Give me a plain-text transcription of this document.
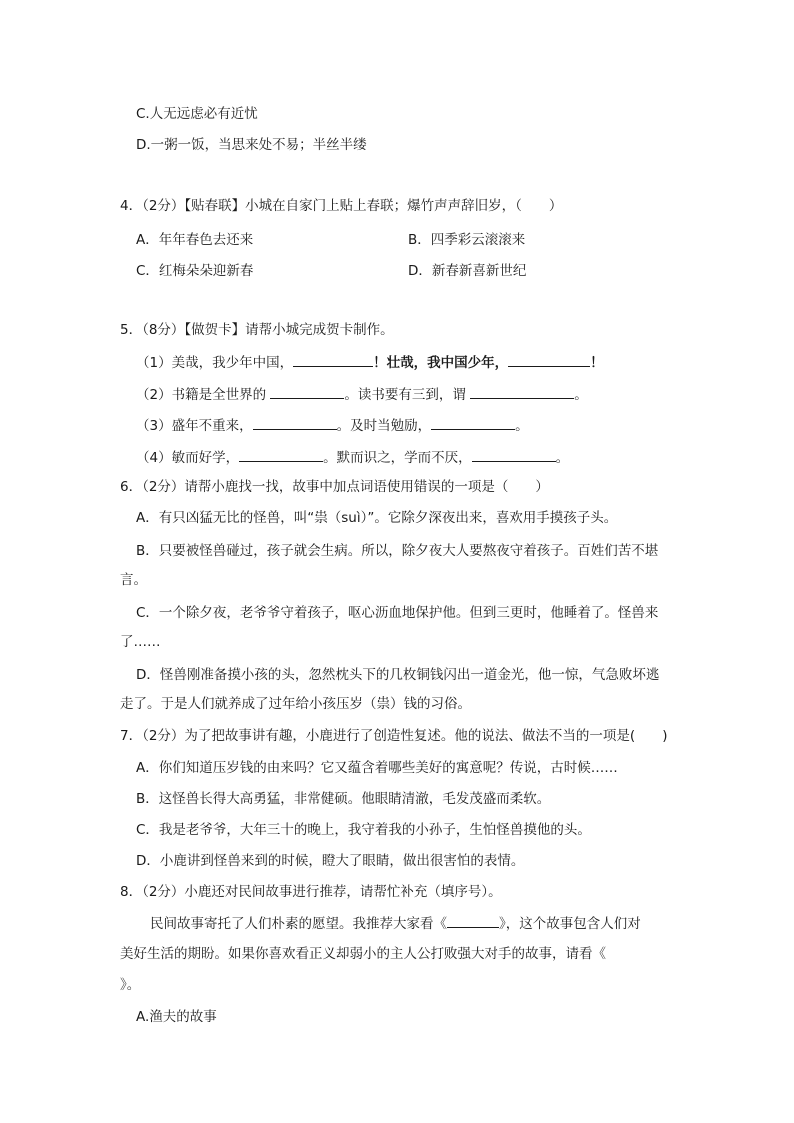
C.人无远虑必有近忧
D.一粥一饭，当思来处不易；半丝半缕
4．（2分）【贴春联】小城在自家门上贴上春联；爆竹声声辞旧岁，（　　）
A．年年春色去还来	B．四季彩云滚滚来
C．红梅朵朵迎新春	D．新春新喜新世纪
5．（8分）【做贺卡】请帮小城完成贺卡制作。
（1）美哉，我少年中国，	！壮哉，我中国少年，	！
（2）书籍是全世界的	。读书要有三到，谓	。
（3）盛年不重来，	。及时当勉励，	。
（4）敏而好学，	。默而识之，学而不厌，	。
6．（2分）请帮小鹿找一找，故事中加点词语使用错误的一项是（　　）
A．有只凶猛无比的怪兽，叫“祟（suì）”。它除夕深夜出来，喜欢用手摸孩子头。
B．只要被怪兽碰过，孩子就会生病。所以，除夕夜大人要熬夜守着孩子。百姓们苦不堪
言。
C．一个除夕夜，老爷爷守着孩子，呕心沥血地保护他。但到三更时，他睡着了。怪兽来
了……
D．怪兽刚准备摸小孩的头，忽然枕头下的几枚铜钱闪出一道金光，他一惊，气急败坏逃
走了。于是人们就养成了过年给小孩压岁（祟）钱的习俗。
7．（2分）为了把故事讲有趣，小鹿进行了创造性复述。他的说法、做法不当的一项是(　　)
A．你们知道压岁钱的由来吗？它又蕴含着哪些美好的寓意呢？传说，古时候……
B．这怪兽长得大高勇猛，非常健硕。他眼睛清澈，毛发茂盛而柔软。
C．我是老爷爷，大年三十的晚上，我守着我的小孙子，生怕怪兽摸他的头。
D．小鹿讲到怪兽来到的时候，瞪大了眼睛，做出很害怕的表情。
8．（2分）小鹿还对民间故事进行推荐，请帮忙补充（填序号）。
民间故事寄托了人们朴素的愿望。我推荐大家看《	》，这个故事包含人们对
美好生活的期盼。如果你喜欢看正义却弱小的主人公打败强大对手的故事，请看《
》。
A.渔夫的故事
